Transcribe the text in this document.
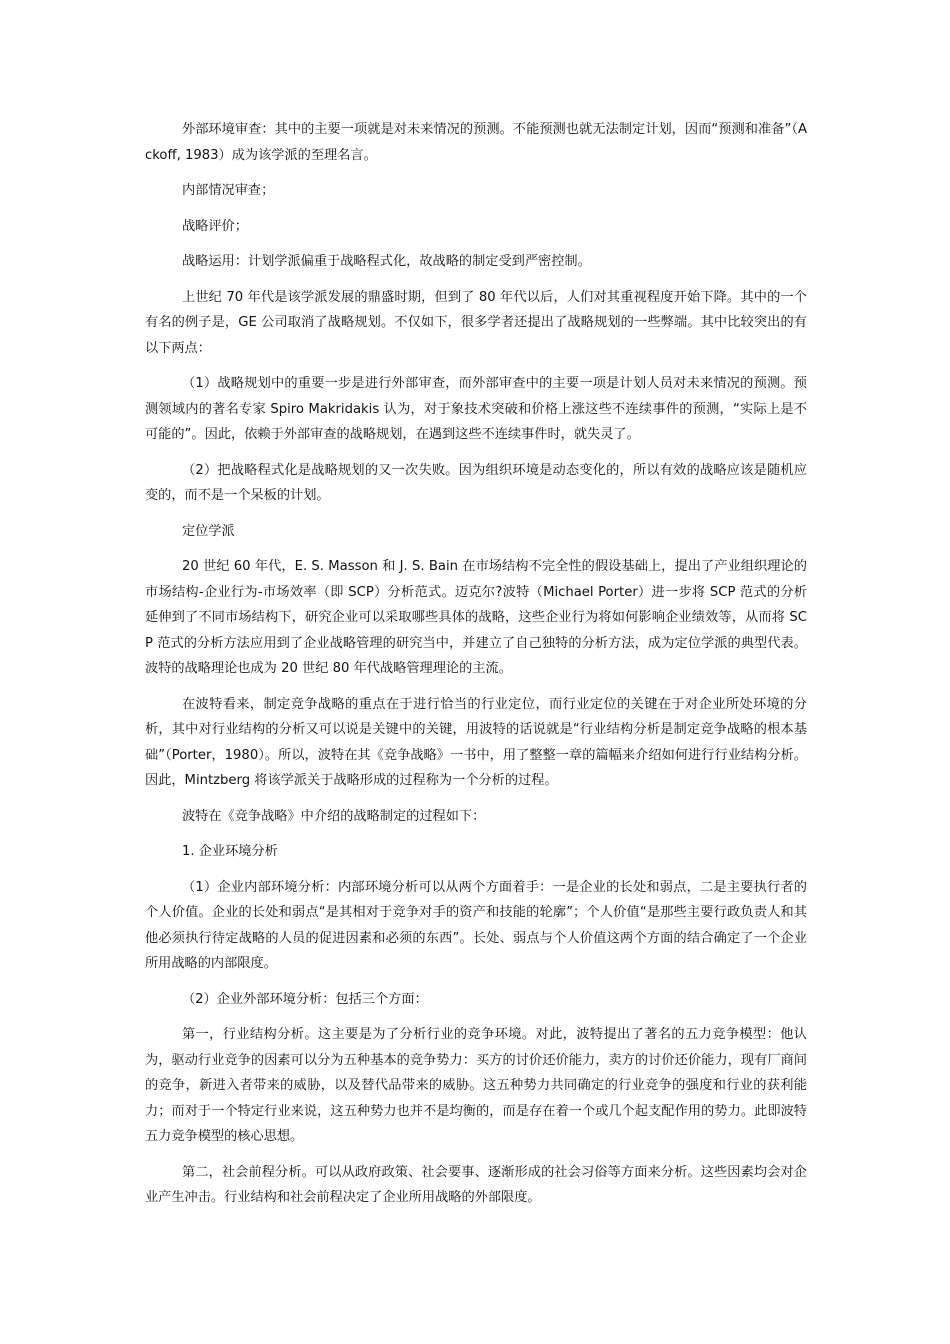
外部环境审查：其中的主要一项就是对未来情况的预测。不能预测也就无法制定计划，因而“预测和准备”（Ackoff, 1983）成为该学派的至理名言。

内部情况审查；

战略评价；

战略运用：计划学派偏重于战略程式化，故战略的制定受到严密控制。

上世纪 70 年代是该学派发展的鼎盛时期，但到了 80 年代以后，人们对其重视程度开始下降。其中的一个有名的例子是，GE 公司取消了战略规划。不仅如下，很多学者还提出了战略规划的一些弊端。其中比较突出的有以下两点：

（1）战略规划中的重要一步是进行外部审查，而外部审查中的主要一项是计划人员对未来情况的预测。预测领域内的著名专家 Spiro Makridakis 认为，对于象技术突破和价格上涨这些不连续事件的预测，“实际上是不可能的”。因此，依赖于外部审查的战略规划，在遇到这些不连续事件时，就失灵了。

（2）把战略程式化是战略规划的又一次失败。因为组织环境是动态变化的，所以有效的战略应该是随机应变的，而不是一个呆板的计划。

定位学派

20 世纪 60 年代，E. S. Masson 和 J. S. Bain 在市场结构不完全性的假设基础上，提出了产业组织理论的市场结构-企业行为-市场效率（即 SCP）分析范式。迈克尔?波特（Michael Porter）进一步将 SCP 范式的分析延伸到了不同市场结构下，研究企业可以采取哪些具体的战略，这些企业行为将如何影响企业绩效等，从而将 SCP 范式的分析方法应用到了企业战略管理的研究当中，并建立了自己独特的分析方法，成为定位学派的典型代表。波特的战略理论也成为 20 世纪 80 年代战略管理理论的主流。

在波特看来，制定竞争战略的重点在于进行恰当的行业定位，而行业定位的关键在于对企业所处环境的分析，其中对行业结构的分析又可以说是关键中的关键，用波特的话说就是“行业结构分析是制定竞争战略的根本基础”（Porter，1980）。所以，波特在其《竞争战略》一书中，用了整整一章的篇幅来介绍如何进行行业结构分析。因此，Mintzberg 将该学派关于战略形成的过程称为一个分析的过程。

波特在《竞争战略》中介绍的战略制定的过程如下：

1. 企业环境分析

（1）企业内部环境分析：内部环境分析可以从两个方面着手：一是企业的长处和弱点，二是主要执行者的个人价值。企业的长处和弱点“是其相对于竞争对手的资产和技能的轮廓”；个人价值“是那些主要行政负责人和其他必须执行待定战略的人员的促进因素和必须的东西”。长处、弱点与个人价值这两个方面的结合确定了一个企业所用战略的内部限度。

（2）企业外部环境分析：包括三个方面：

第一，行业结构分析。这主要是为了分析行业的竞争环境。对此，波特提出了著名的五力竞争模型：他认为，驱动行业竞争的因素可以分为五种基本的竞争势力：买方的讨价还价能力，卖方的讨价还价能力，现有厂商间的竞争，新进入者带来的威胁，以及替代品带来的威胁。这五种势力共同确定的行业竞争的强度和行业的获利能力；而对于一个特定行业来说，这五种势力也并不是均衡的，而是存在着一个或几个起支配作用的势力。此即波特五力竞争模型的核心思想。

第二，社会前程分析。可以从政府政策、社会要事、逐渐形成的社会习俗等方面来分析。这些因素均会对企业产生冲击。行业结构和社会前程决定了企业所用战略的外部限度。
